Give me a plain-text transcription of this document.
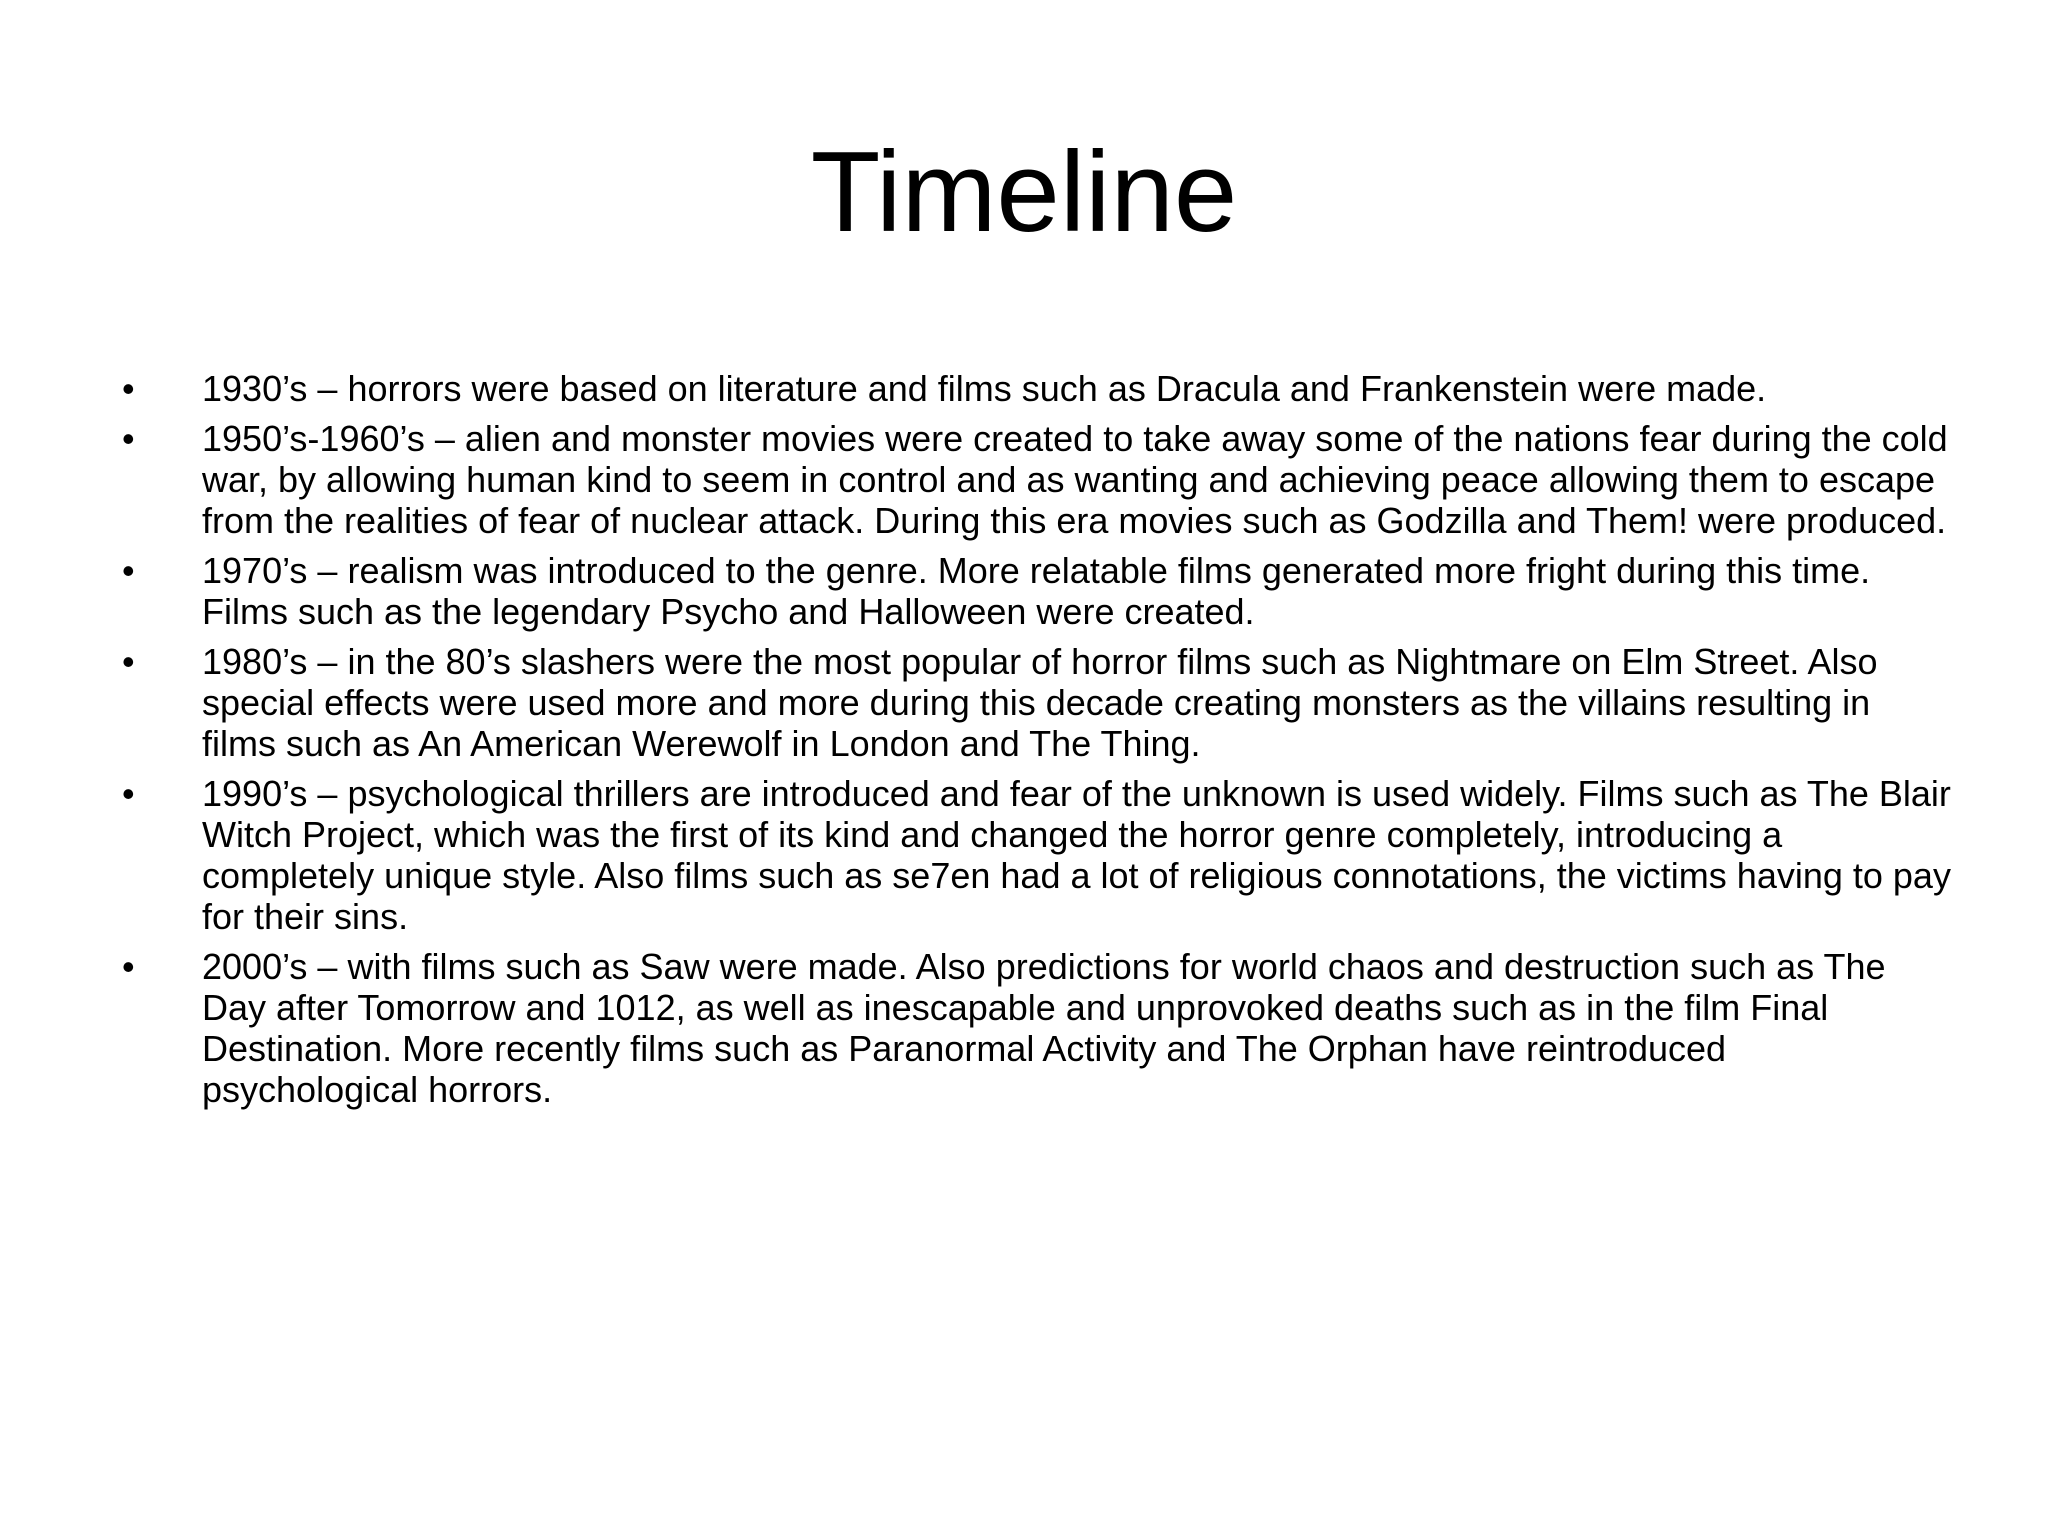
Timeline
•	1930’s – horrors were based on literature and films such as Dracula and Frankenstein were made.
•	1950’s-1960’s – alien and monster movies were created to take away some of the nations fear during the cold war, by allowing human kind to seem in control and as wanting and achieving peace allowing them to escape from the realities of fear of nuclear attack. During this era movies such as Godzilla and Them! were produced.
•	1970’s – realism was introduced to the genre. More relatable films generated more fright during this time. Films such as the legendary Psycho and Halloween were created.
•	1980’s – in the 80’s slashers were the most popular of horror films such as Nightmare on Elm Street. Also special effects were used more and more during this decade creating monsters as the villains resulting in films such as An American Werewolf in London and The Thing.
•	1990’s – psychological thrillers are introduced and fear of the unknown is used widely. Films such as The Blair Witch Project, which was the first of its kind and changed the horror genre completely, introducing a completely unique style. Also films such as se7en had a lot of religious connotations, the victims having to pay for their sins.
•	2000’s – with films such as Saw were made. Also predictions for world chaos and destruction such as The Day after Tomorrow and 1012, as well as inescapable and unprovoked deaths such as in the film Final Destination. More recently films such as Paranormal Activity and The Orphan have reintroduced psychological horrors.
